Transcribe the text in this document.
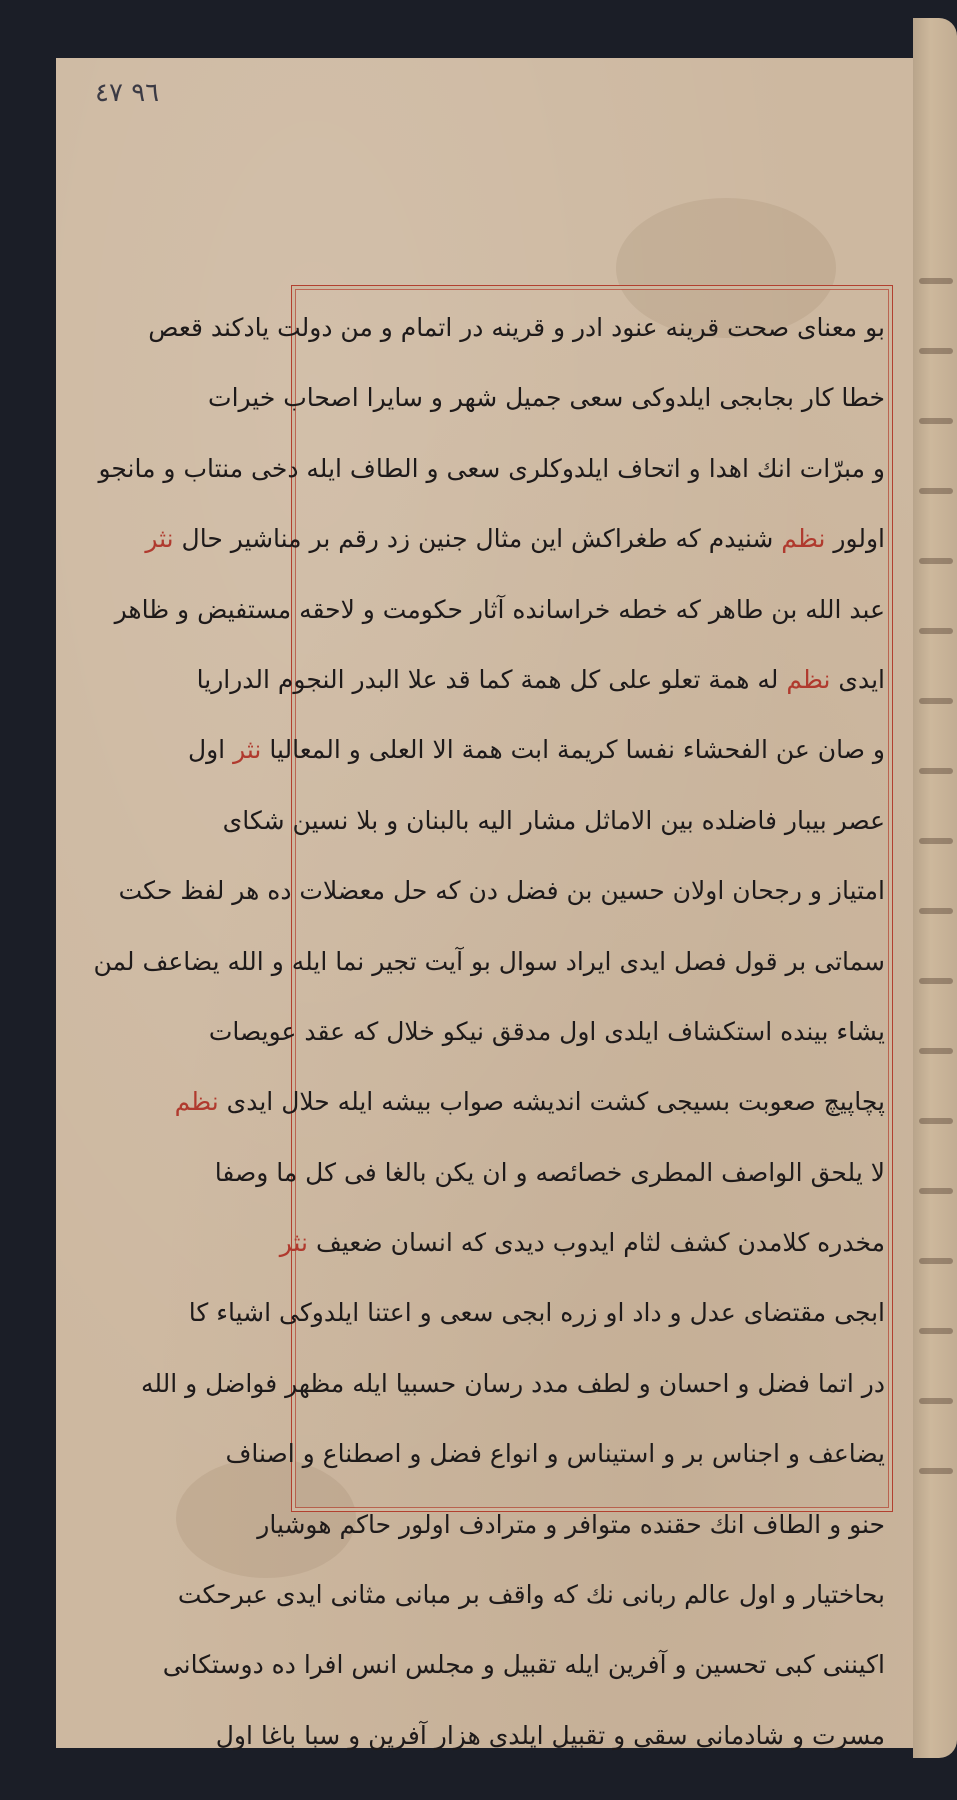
٩٦ ٤٧
بو معناى صحت قرينه عنود ادر و قرينه در اتمام و من دولت يادكند قعص
خطا كار بجابجى ايلدوكى سعى جميل شهر و سايرا اصحاب خيرات
و مبرّات انك اهدا و اتحاف ايلدوكلرى سعى و الطاف ايله دخى منتاب و مانجو
اولور نظم شنيدم كه طغراكش اين مثال جنين زد رقم بر مناشير حال نثر
عبد الله بن طاهر كه خطه خراسانده آثار حكومت و لاحقه مستفيض و ظاهر
ايدى نظم له همة تعلو على كل همة كما قد علا البدر النجوم الدراريا
و صان عن الفحشاء نفسا كريمة ابت همة الا العلى و المعاليا نثر اول
عصر بيبار فاضلده بين الاماثل مشار اليه بالبنان و بلا نسين شكاى
امتياز و رجحان اولان حسين بن فضل دن كه حل معضلات ده هر لفظ حكت
سماتى بر قول فصل ايدى ايراد سوال بو آيت تجير نما ايله و الله يضاعف لمن
يشاء بينده استكشاف ايلدى اول مدقق نيكو خلال كه عقد عويصات
پچاپيچ صعوبت بسيجى كشت انديشه صواب بيشه ايله حلال ايدى نظم
لا يلحق الواصف المطرى خصائصه و ان يكن بالغا فى كل ما وصفا
مخدره كلامدن كشف لثام ايدوب ديدى كه انسان ضعيف نثر
ابجى مقتضاى عدل و داد او زره ابجى سعى و اعتنا ايلدوكى اشياء كا
در اتما فضل و احسان و لطف مدد رسان حسبيا ايله مظهر فواضل و الله
يضاعف و اجناس بر و استيناس و انواع فضل و اصطناع و اصناف
حنو و الطاف انك حقنده متوافر و مترادف اولور حاكم هوشيار
بحاختيار و اول عالم ربانى نك كه واقف بر مبانى مثانى ايدى عبرحكت
اكيننى كبى تحسين و آفرين ايله تقبيل و مجلس انس افرا ده دوستكانى
مسرت و شادمانى سقى و تقبيل ايلدى هزار آفرين و سبا باغا اول
